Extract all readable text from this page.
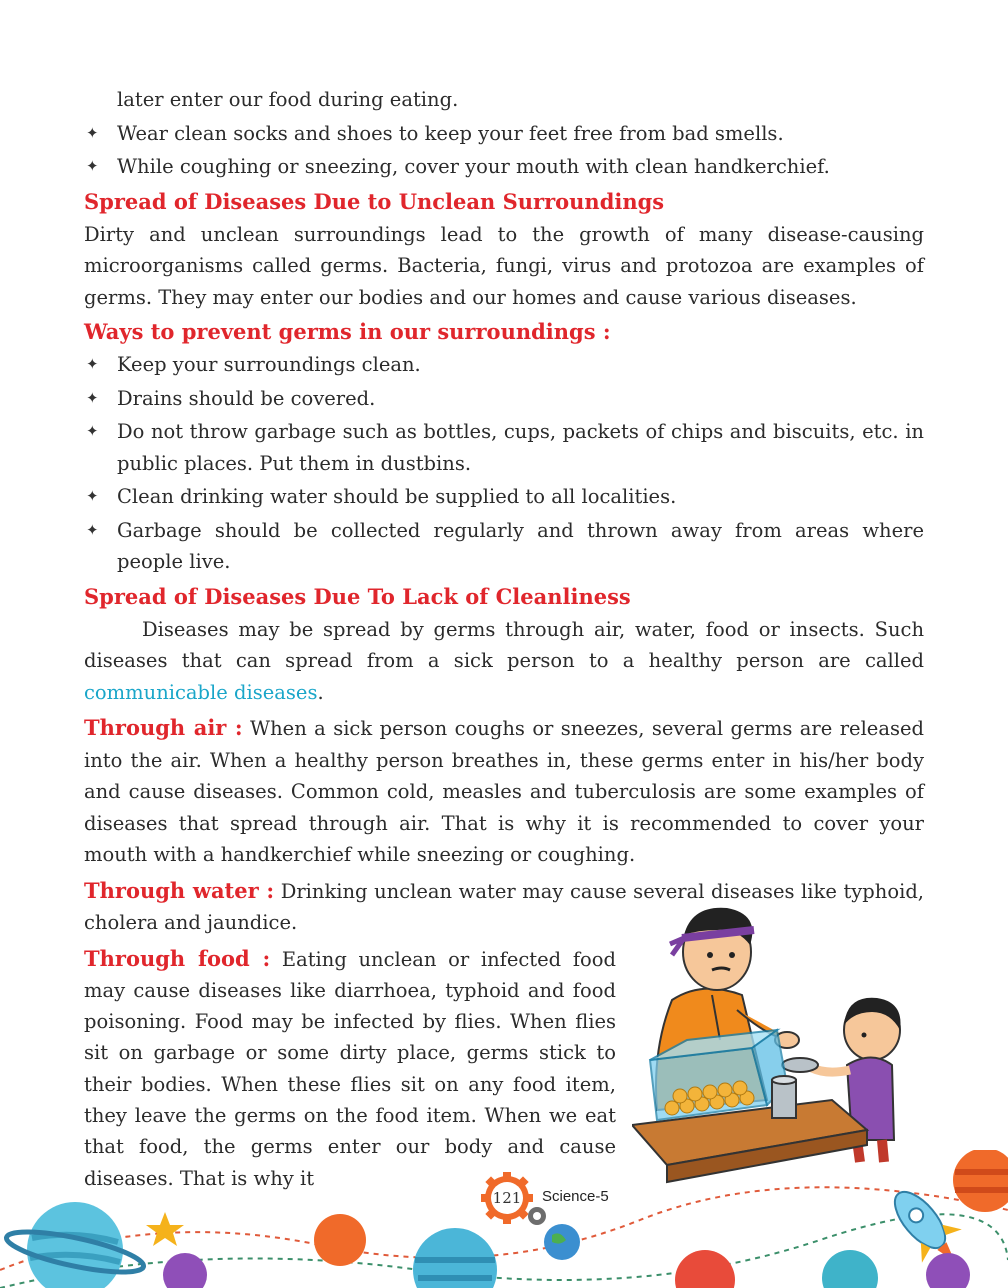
later enter our food during eating.

✦ Wear clean socks and shoes to keep your feet free from bad smells.
✦ While coughing or sneezing, cover your mouth with clean handkerchief.
Spread of Diseases Due to Unclean Surroundings

Dirty and unclean surroundings lead to the growth of many disease-causing microorganisms called germs. Bacteria, fungi, virus and protozoa are examples of germs. They may enter our bodies and our homes and cause various diseases.

Ways to prevent germs in our surroundings :
✦ Keep your surroundings clean.
✦ Drains should be covered.
✦ Do not throw garbage such as bottles, cups, packets of chips and biscuits, etc. in public places. Put them in dustbins.
✦ Clean drinking water should be supplied to all localities.
✦ Garbage should be collected regularly and thrown away from areas where people live.
Spread of Diseases Due To Lack of Cleanliness

Diseases may be spread by germs through air, water, food or insects. Such diseases that can spread from a sick person to a healthy person are called communicable diseases.

Through air : When a sick person coughs or sneezes, several germs are released into the air. When a healthy person breathes in, these germs enter in his/her body and cause diseases. Common cold, measles and tuberculosis are some examples of diseases that spread through air. That is why it is recommended to cover your mouth with a handkerchief while sneezing or coughing.

Through water : Drinking unclean water may cause several diseases like typhoid, cholera and jaundice.

Through food : Eating unclean or infected food may cause diseases like diarrhoea, typhoid and food poisoning. Food may be infected by flies. When flies sit on garbage or some dirty place, germs stick to their bodies. When these flies sit on any food item, they leave the germs on the food item. When we eat that food, the germs enter our body and cause diseases. That is why it

121	Science-5
